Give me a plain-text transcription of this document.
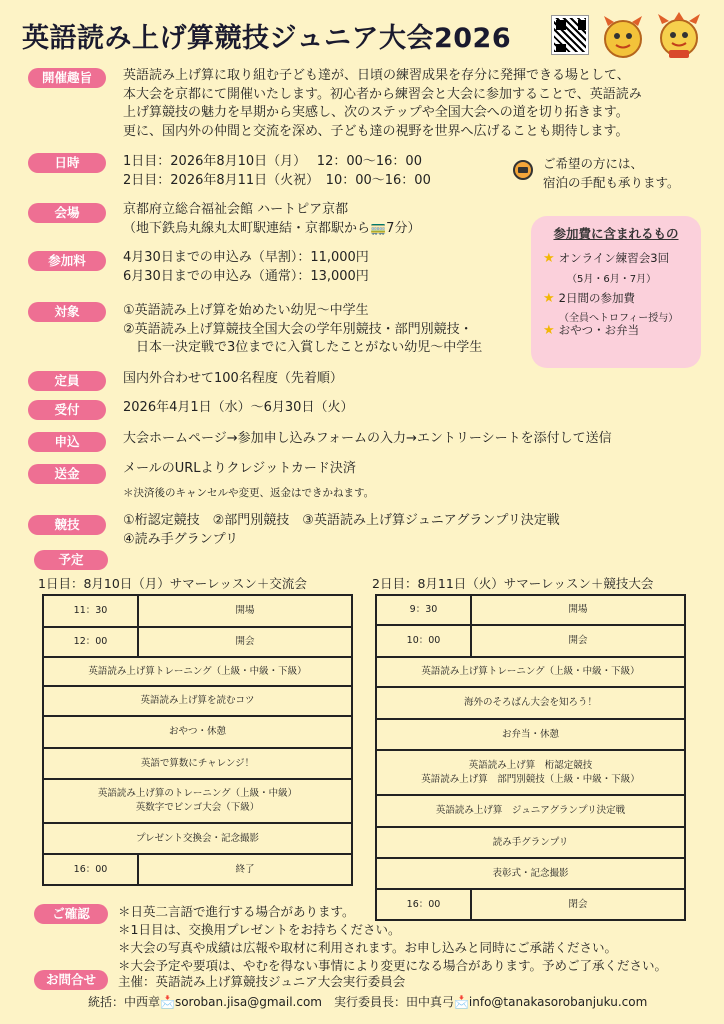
英語読み上げ算競技ジュニア大会2026
開催趣旨	英語読み上げ算に取り組む子ども達が、日頃の練習成果を存分に発揮できる場として、
本大会を京都にて開催いたします。初心者から練習会と大会に参加することで、英語読み
上げ算競技の魅力を早期から実感し、次のステップや全国大会への道を切り拓きます。
更に、国内外の仲間と交流を深め、子ども達の視野を世界へ広げることも期待します。
日時	1日目：2026年8月10日（月）　 12：00〜16：00
2日目：2026年8月11日（火祝）　10：00〜16：00
ご希望の方には、
宿泊の手配も承ります。
会場	京都府立総合福祉会館 ハートピア京都
（地下鉄烏丸線丸太町駅連結・京都駅から🚃7分）
参加料	4月30日までの申込み（早割）：11,000円
6月30日までの申込み（通常）：13,000円
参加費に含まれるもの
★ オンライン練習会3回
（5月・6月・7月）
★ 2日間の参加費
（全員へトロフィー授与）
★ おやつ・お弁当
対象	①英語読み上げ算を始めたい幼児〜中学生
②英語読み上げ算競技全国大会の学年別競技・部門別競技・
　日本一決定戦で3位までに入賞したことがない幼児〜中学生
定員	国内外合わせて100名程度（先着順）
受付	2026年4月1日（水）〜6月30日（火）
申込	大会ホームページ→参加申し込みフォームの入力→エントリーシートを添付して送信
送金	メールのURLよりクレジットカード決済
＊決済後のキャンセルや変更、返金はできかねます。
競技	①桁認定競技　②部門別競技　③英語読み上げ算ジュニアグランプリ決定戦
④読み手グランプリ
予定
1日目：8月10日（月）サマーレッスン＋交流会	2日目：8月11日（火）サマーレッスン＋競技大会
11：30	開場
12：00	開会
英語読み上げ算トレーニング（上級・中級・下級）	
英語読み上げ算を読むコツ	
おやつ・休憩	
英語で算数にチャレンジ！	

英語読み上げ算のトレーニング（上級・中級）
英数字でビンゴ大会（下級）	

プレゼント交換会・記念撮影	
16：00	終了
9：30	開場
10：00	開会
英語読み上げ算トレーニング（上級・中級・下級）	
海外のそろばん大会を知ろう！	
お弁当・休憩	

英語読み上げ算　桁認定競技
英語読み上げ算　部門別競技（上級・中級・下級）	

英語読み上げ算　ジュニアグランプリ決定戦	
読み手グランプリ	
表彰式・記念撮影	
16：00	閉会
ご確認	＊日英二言語で進行する場合があります。
＊1日目は、交換用プレゼントをお持ちください。
＊大会の写真や成績は広報や取材に利用されます。お申し込みと同時にご承諾ください。
＊大会予定や要項は、やむを得ない事情により変更になる場合があります。予めご了承ください。
お問合せ	主催：英語読み上げ算競技ジュニア大会実行委員会
統括：中西章📩soroban.jisa@gmail.com　実行委員長：田中真弓📩info@tanakasorobanjuku.com
